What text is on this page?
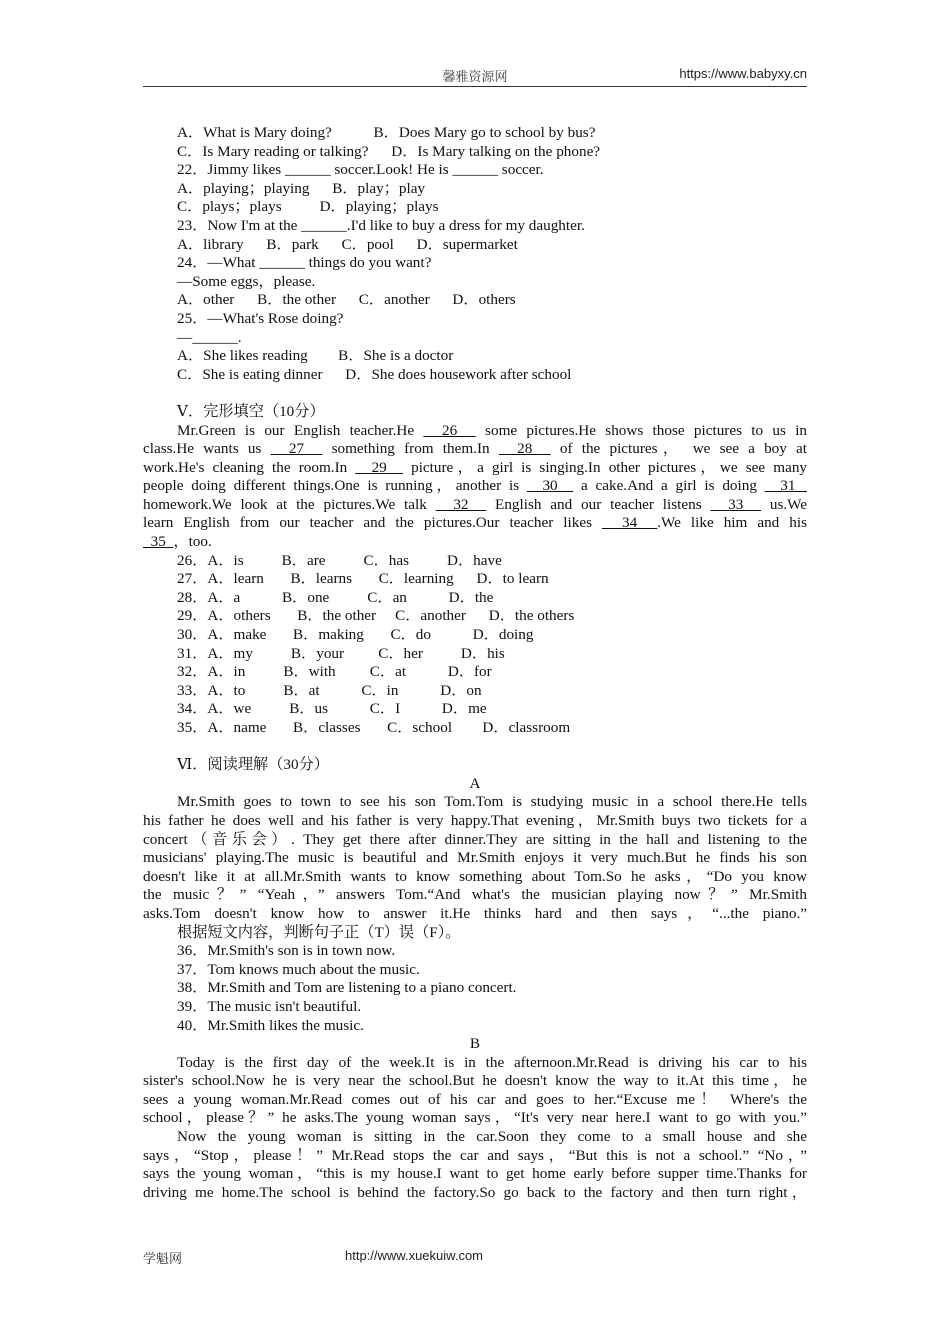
馨雅资源网	https://www.babyxy.cn
A．What is Mary doing?           B．Does Mary go to school by bus?
C．Is Mary reading or talking?      D．Is Mary talking on the phone?
22．Jimmy likes ______ soccer.Look! He is ______ soccer.
A．playing；playing      B．play；play
C．plays；plays          D．playing；plays
23．Now I'm at the ______.I'd like to buy a dress for my daughter.
A．library      B．park      C．pool      D．supermarket
24．—What ______ things do you want?
—Some eggs，please.
A．other      B．the other      C．another      D．others
25．—What's Rose doing?
—______.
A．She likes reading        B．She is a doctor
C．She is eating dinner      D．She does housework after school
Ⅴ．完形填空（10分）
Mr.Green is our English teacher.He   26   some pictures.He shows those pictures to us in
class.He wants us   27   something from them.In   28   of the pictures， we see a boy at
work.He's cleaning the room.In   29   picture，a girl is singing.In other pictures，we see many
people doing different things.One is running，another is   30   a cake.And a girl is doing   31
homework.We look at the pictures.We talk   32   English and our teacher listens   33   us.We
learn English from our teacher and the pictures.Our teacher likes   34  .We like him and his
35  ，too.
26．A．is          B．are          C．has          D．have
27．A．learn       B．learns       C．learning      D．to learn
28．A．a           B．one          C．an           D．the
29．A．others       B．the other     C．another      D．the others
30．A．make       B．making       C．do           D．doing
31．A．my          B．your         C．her          D．his
32．A．in          B．with         C．at           D．for
33．A．to          B．at           C．in           D．on
34．A．we          B．us           C．I           D．me
35．A．name       B．classes       C．school        D．classroom
Ⅵ．阅读理解（30分）
A
Mr.Smith goes to town to see his son Tom.Tom is studying music in a school there.He tells
his father he does well and his father is very happy.That evening，Mr.Smith buys two tickets for a
concert（音乐会）. They get there after dinner.They are sitting in the hall and listening to the
musicians' playing.The music is beautiful and Mr.Smith enjoys it very much.But he finds his son
doesn't like it at all.Mr.Smith wants to know something about Tom.So he asks，“Do you know
the music？” “Yeah，” answers Tom.“And what's the musician playing now？” Mr.Smith
asks.Tom doesn't know how to answer it.He thinks hard and then says，“...the piano.”
根据短文内容，判断句子正（T）误（F）。
36．Mr.Smith's son is in town now.
37．Tom knows much about the music.
38．Mr.Smith and Tom are listening to a piano concert.
39．The music isn't beautiful.
40．Mr.Smith likes the music.
B
Today is the first day of the week.It is in the afternoon.Mr.Read is driving his car to his
sister's school.Now he is very near the school.But he doesn't know the way to it.At this time，he
sees a young woman.Mr.Read comes out of his car and goes to her.“Excuse me！ Where's the
school，please？” he asks.The young woman says，“It's very near here.I want to go with you.”
Now the young woman is sitting in the car.Soon they come to a small house and she
says，“Stop，please！” Mr.Read stops the car and says，“But this is not a school.” “No，”
says the young woman，“this is my house.I want to get home early before supper time.Thanks for
driving me home.The school is behind the factory.So go back to the factory and then turn right，
学魁网	http://www.xuekuiw.com
